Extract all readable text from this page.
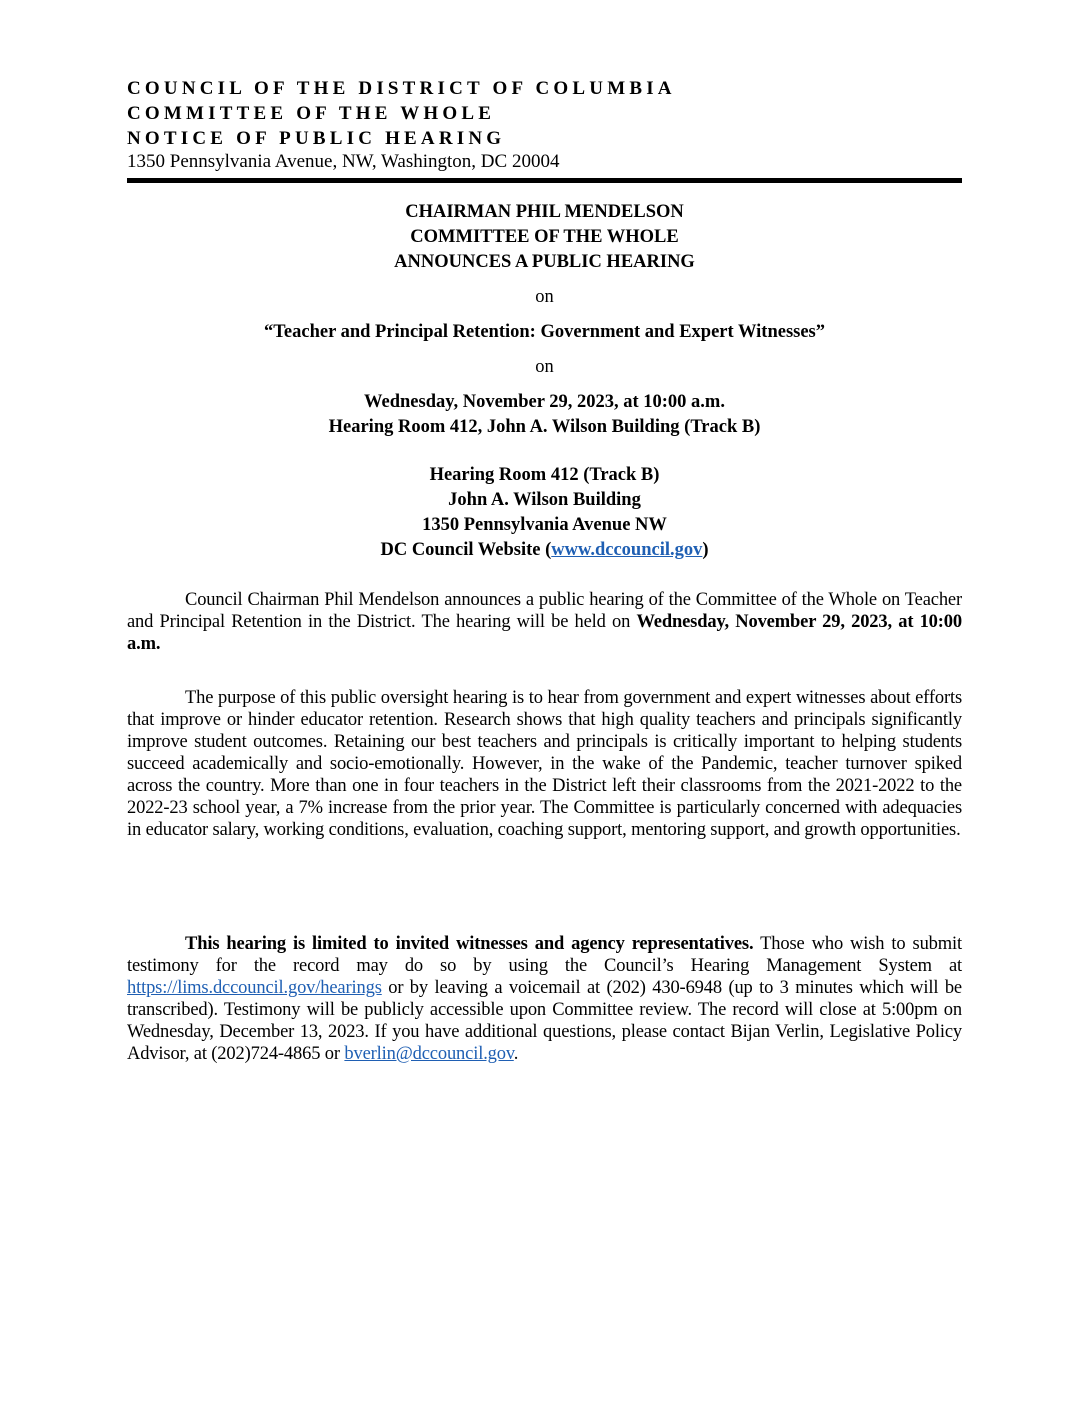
COUNCIL OF THE DISTRICT OF COLUMBIA
COMMITTEE OF THE WHOLE
NOTICE OF PUBLIC HEARING
1350 Pennsylvania Avenue, NW, Washington, DC 20004
CHAIRMAN PHIL MENDELSON
COMMITTEE OF THE WHOLE
ANNOUNCES A PUBLIC HEARING
on
“Teacher and Principal Retention: Government and Expert Witnesses”
on
Wednesday, November 29, 2023, at 10:00 a.m.
Hearing Room 412, John A. Wilson Building (Track B)
Hearing Room 412 (Track B)
John A. Wilson Building
1350 Pennsylvania Avenue NW
DC Council Website (www.dccouncil.gov)
Council Chairman Phil Mendelson announces a public hearing of the Committee of the Whole on Teacher and Principal Retention in the District. The hearing will be held on Wednesday, November 29, 2023, at 10:00 a.m.
The purpose of this public oversight hearing is to hear from government and expert witnesses about efforts that improve or hinder educator retention. Research shows that high quality teachers and principals significantly improve student outcomes. Retaining our best teachers and principals is critically important to helping students succeed academically and socio-emotionally. However, in the wake of the Pandemic, teacher turnover spiked across the country. More than one in four teachers in the District left their classrooms from the 2021-2022 to the 2022-23 school year, a 7% increase from the prior year. The Committee is particularly concerned with adequacies in educator salary, working conditions, evaluation, coaching support, mentoring support, and growth opportunities.
This hearing is limited to invited witnesses and agency representatives. Those who wish to submit testimony for the record may do so by using the Council’s Hearing Management System at https://lims.dccouncil.gov/hearings or by leaving a voicemail at (202) 430-6948 (up to 3 minutes which will be transcribed). Testimony will be publicly accessible upon Committee review. The record will close at 5:00pm on Wednesday, December 13, 2023. If you have additional questions, please contact Bijan Verlin, Legislative Policy Advisor, at (202)724-4865 or bverlin@dccouncil.gov.
